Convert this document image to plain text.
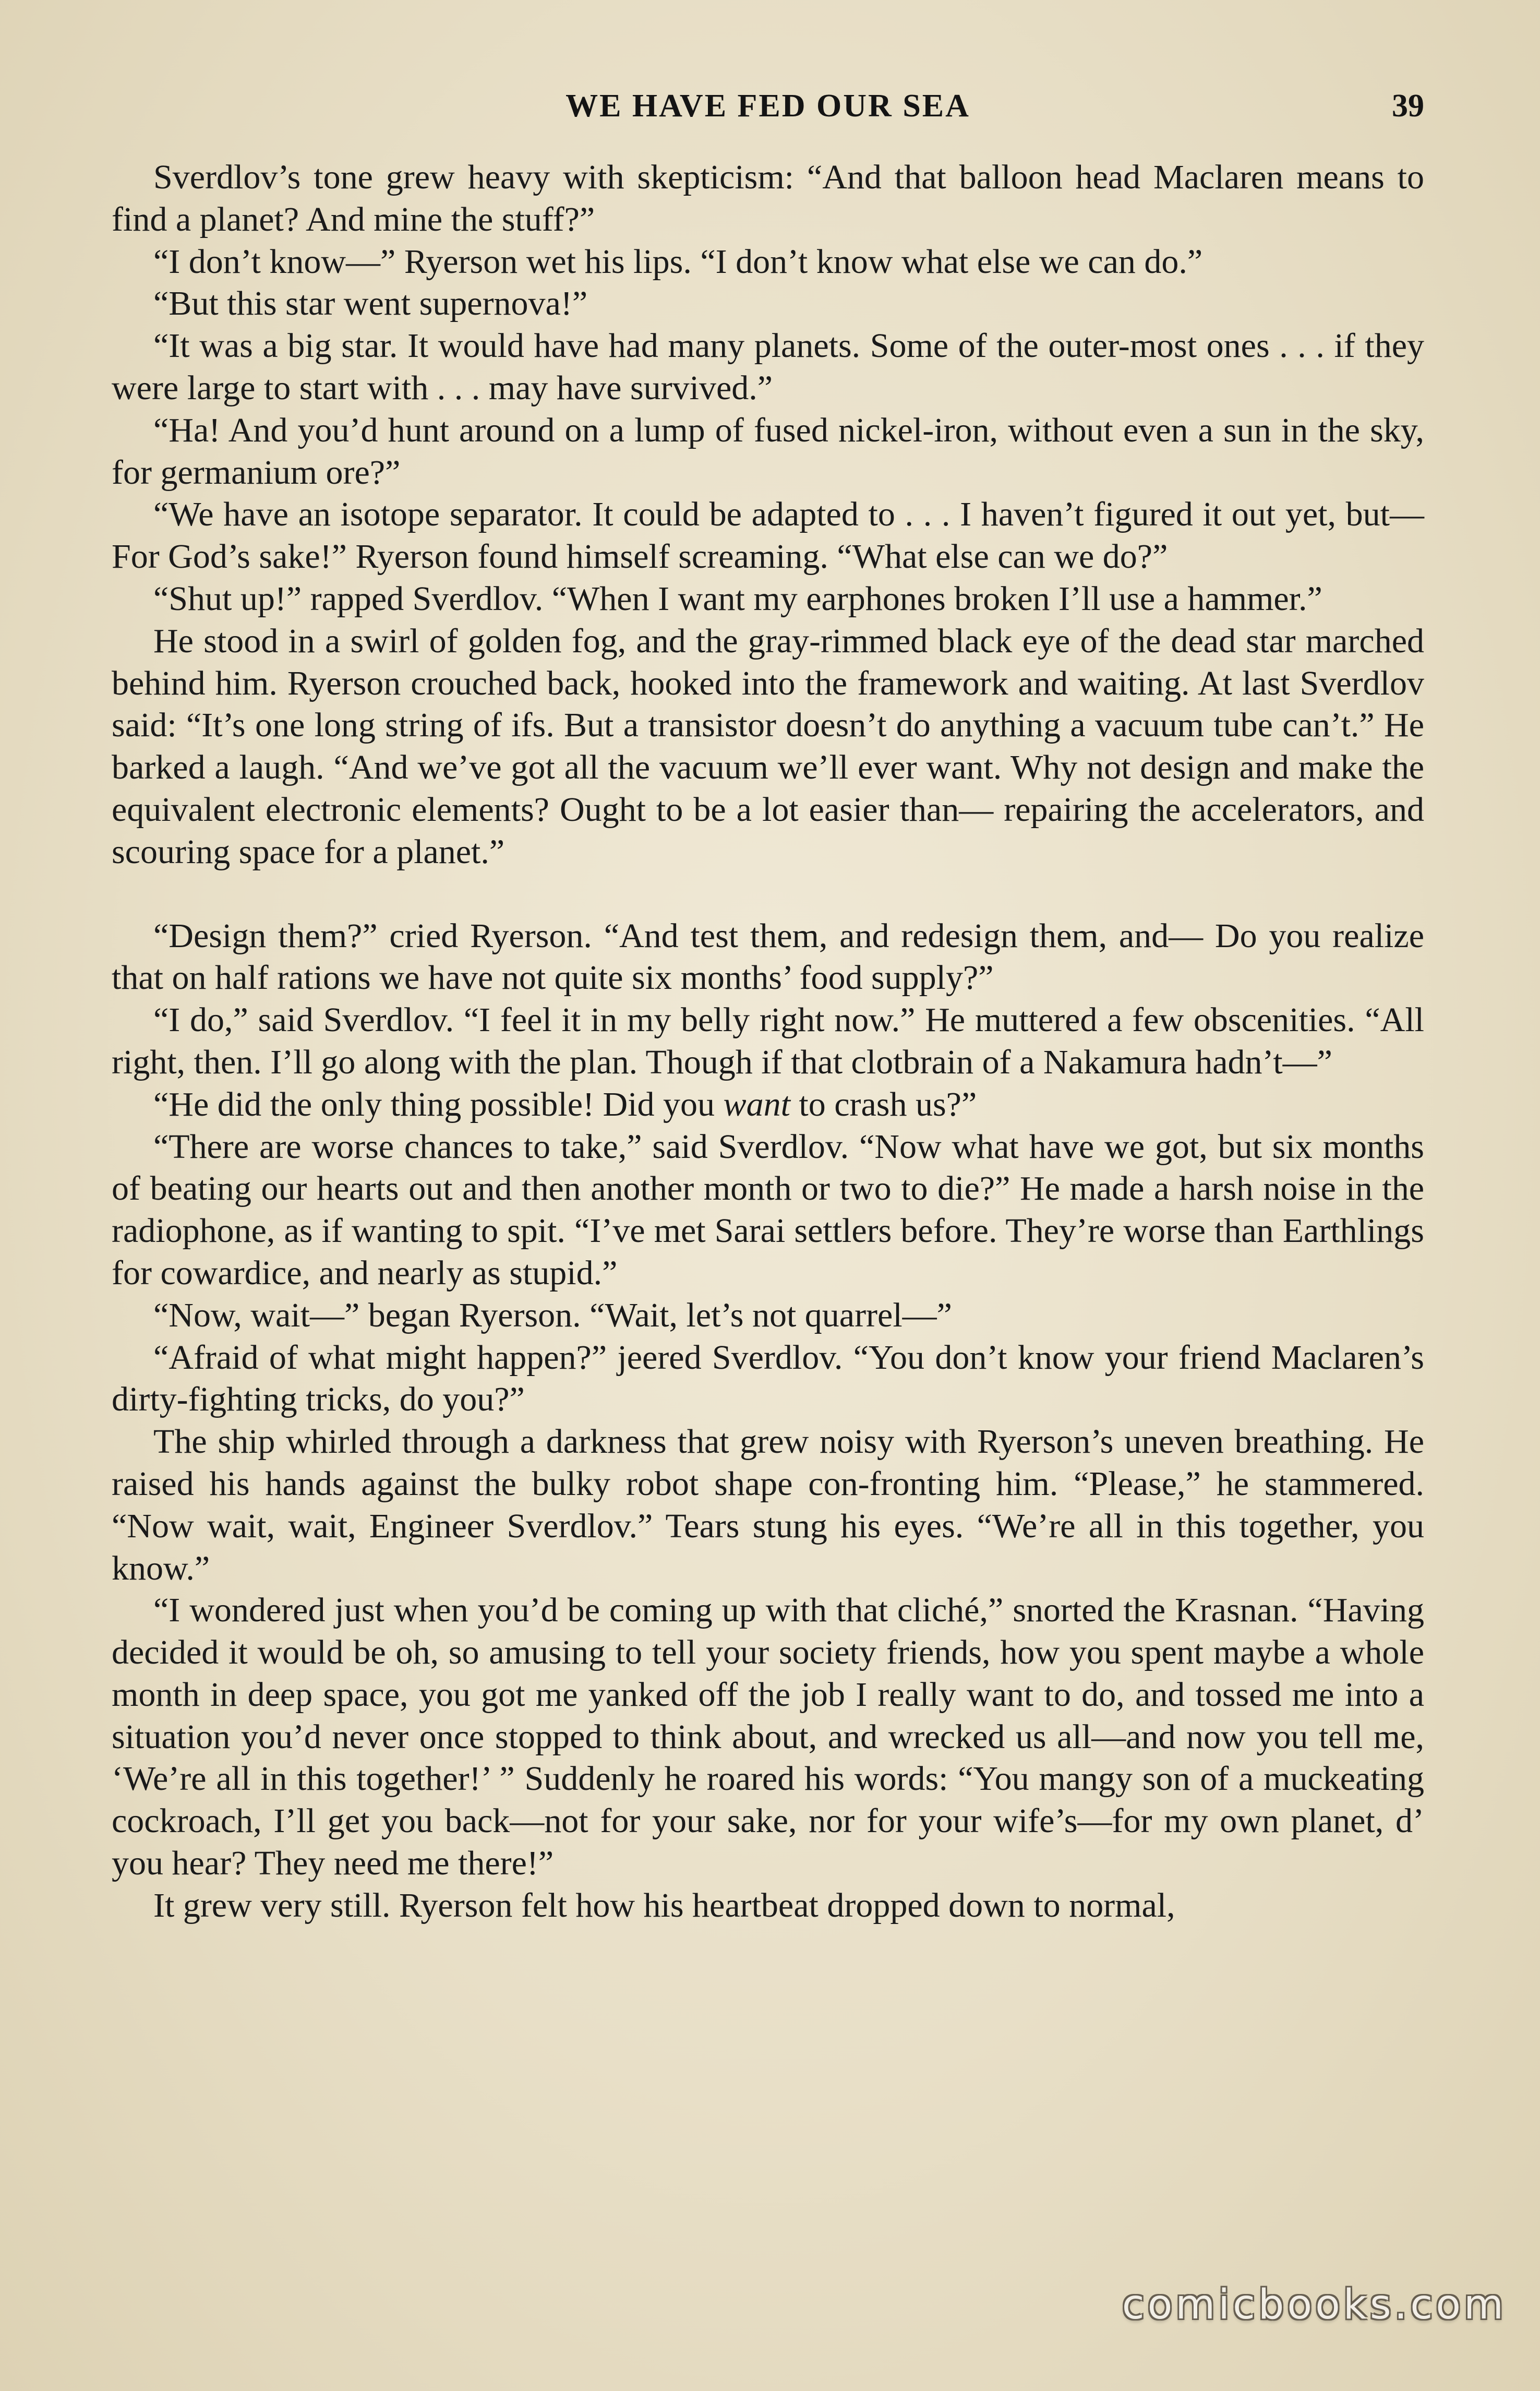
WE HAVE FED OUR SEA	39

Sverdlov’s tone grew heavy with skepticism: “And that balloon head Maclaren means to find a planet? And mine the stuff?”

“I don’t know—” Ryerson wet his lips. “I don’t know what else we can do.”

“But this star went supernova!”

“It was a big star. It would have had many planets. Some of the outer-most ones . . . if they were large to start with . . . may have survived.”

“Ha! And you’d hunt around on a lump of fused nickel-iron, without even a sun in the sky, for germanium ore?”

“We have an isotope separator. It could be adapted to . . . I haven’t figured it out yet, but— For God’s sake!” Ryerson found himself screaming. “What else can we do?”

“Shut up!” rapped Sverdlov. “When I want my earphones broken I’ll use a hammer.”

He stood in a swirl of golden fog, and the gray-rimmed black eye of the dead star marched behind him. Ryerson crouched back, hooked into the framework and waiting. At last Sverdlov said: “It’s one long string of ifs. But a transistor doesn’t do anything a vacuum tube can’t.” He barked a laugh. “And we’ve got all the vacuum we’ll ever want. Why not design and make the equivalent electronic elements? Ought to be a lot easier than— repairing the accelerators, and scouring space for a planet.”

“Design them?” cried Ryerson. “And test them, and redesign them, and— Do you realize that on half rations we have not quite six months’ food supply?”

“I do,” said Sverdlov. “I feel it in my belly right now.” He muttered a few obscenities. “All right, then. I’ll go along with the plan. Though if that clotbrain of a Nakamura hadn’t—”

“He did the only thing possible! Did you want to crash us?”

“There are worse chances to take,” said Sverdlov. “Now what have we got, but six months of beating our hearts out and then another month or two to die?” He made a harsh noise in the radiophone, as if wanting to spit. “I’ve met Sarai settlers before. They’re worse than Earthlings for cowardice, and nearly as stupid.”

“Now, wait—” began Ryerson. “Wait, let’s not quarrel—”

“Afraid of what might happen?” jeered Sverdlov. “You don’t know your friend Maclaren’s dirty-fighting tricks, do you?”

The ship whirled through a darkness that grew noisy with Ryerson’s uneven breathing. He raised his hands against the bulky robot shape con-fronting him. “Please,” he stammered. “Now wait, wait, Engineer Sverdlov.” Tears stung his eyes. “We’re all in this together, you know.”

“I wondered just when you’d be coming up with that cliché,” snorted the Krasnan. “Having decided it would be oh, so amusing to tell your society friends, how you spent maybe a whole month in deep space, you got me yanked off the job I really want to do, and tossed me into a situation you’d never once stopped to think about, and wrecked us all—and now you tell me, ‘We’re all in this together!’ ” Suddenly he roared his words: “You mangy son of a muckeating cockroach, I’ll get you back—not for your sake, nor for your wife’s—for my own planet, d’ you hear? They need me there!”

It grew very still. Ryerson felt how his heartbeat dropped down to normal,

comicbooks.com
